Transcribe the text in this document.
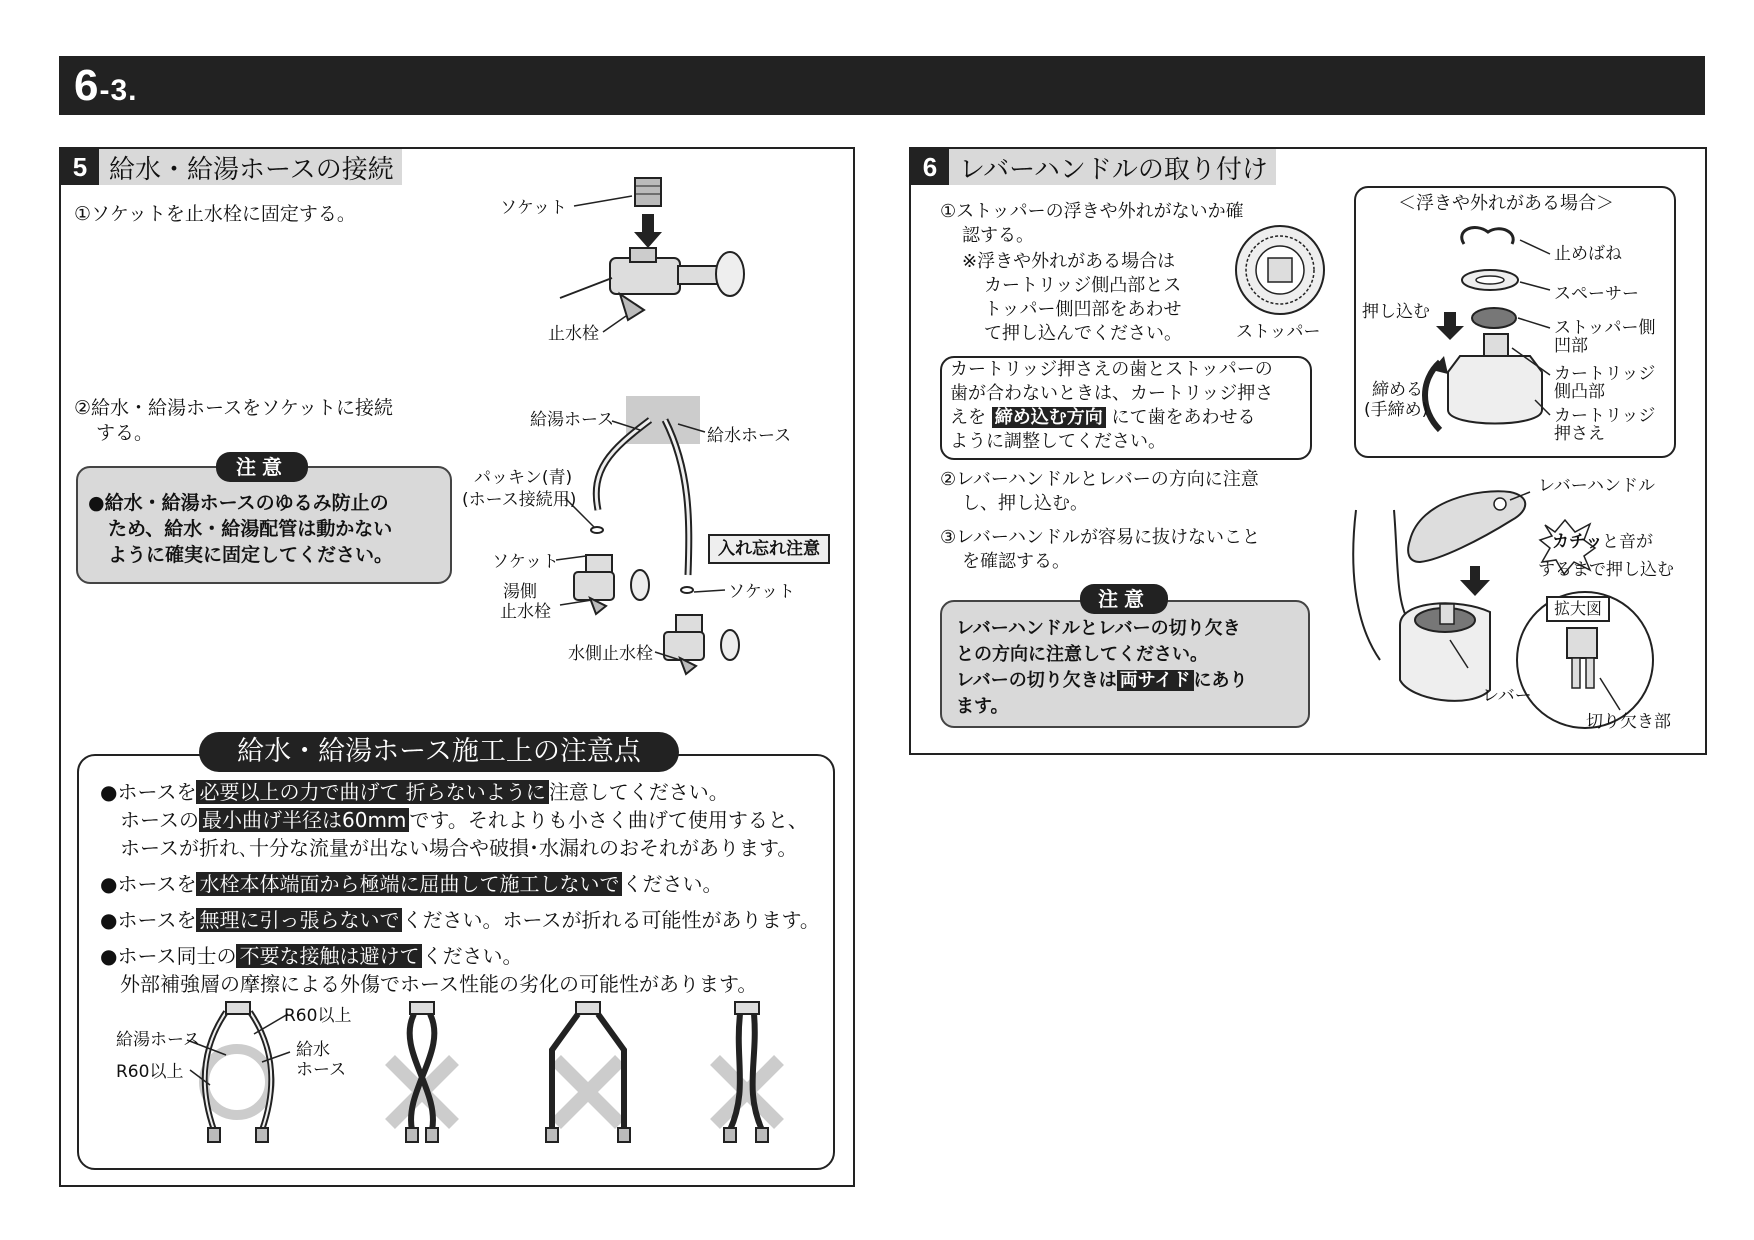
6-3.
5 給水・給湯ホースの接続
①ソケットを止水栓に固定する。	ソケット
止水栓
②給水・給湯ホースをソケットに接続
する。
注意
●給水・給湯ホースのゆるみ防止の
ため、給水・給湯配管は動かない
ように確実に固定してください。
給湯ホース
給水ホース
パッキン(青)
(ホース接続用)
ソケット
湯側
止水栓
ソケット
水側止水栓
入れ忘れ注意
給水・給湯ホース施工上の注意点
●ホースを 必要以上の力で曲げて 折らないように 注意してください。
ホースの 最小曲げ半径は60mm です。それよりも小さく曲げて使用すると、
ホースが折れ､十分な流量が出ない場合や破損･水漏れのおそれがあります。
●ホースを 水栓本体端面から極端に屈曲して施工しないで ください。
●ホースを 無理に引っ張らないで ください。ホースが折れる可能性があります。
●ホース同士の 不要な接触は避けて ください。
外部補強層の摩擦による外傷でホース性能の劣化の可能性があります。
給湯ホース
R60以上
給水
ホース
R60以上
6 レバーハンドルの取り付け
①ストッパーの浮きや外れがないか確
認する。
※浮きや外れがある場合は
カートリッジ側凸部とス
トッパー側凹部をあわせ
て押し込んでください。	ストッパー
カートリッジ押さえの歯とストッパーの
歯が合わないときは、カートリッジ押さ
えを 締め込む方向 にて歯をあわせる
ように調整してください。
＜浮きや外れがある場合＞
止めばね
スペーサー
ストッパー側
凹部
押し込む
締める
(手締め)
カートリッジ
側凸部
カートリッジ
押さえ
②レバーハンドルとレバーの方向に注意
し、押し込む。
③レバーハンドルが容易に抜けないこと
を確認する。
注意
レバーハンドルとレバーの切り欠き
との方向に注意してください。
レバーの切り欠きは 両サイド にあり
ます。
レバーハンドル
カチッ と音が
するまで押し込む
拡大図
レバー
切り欠き部
